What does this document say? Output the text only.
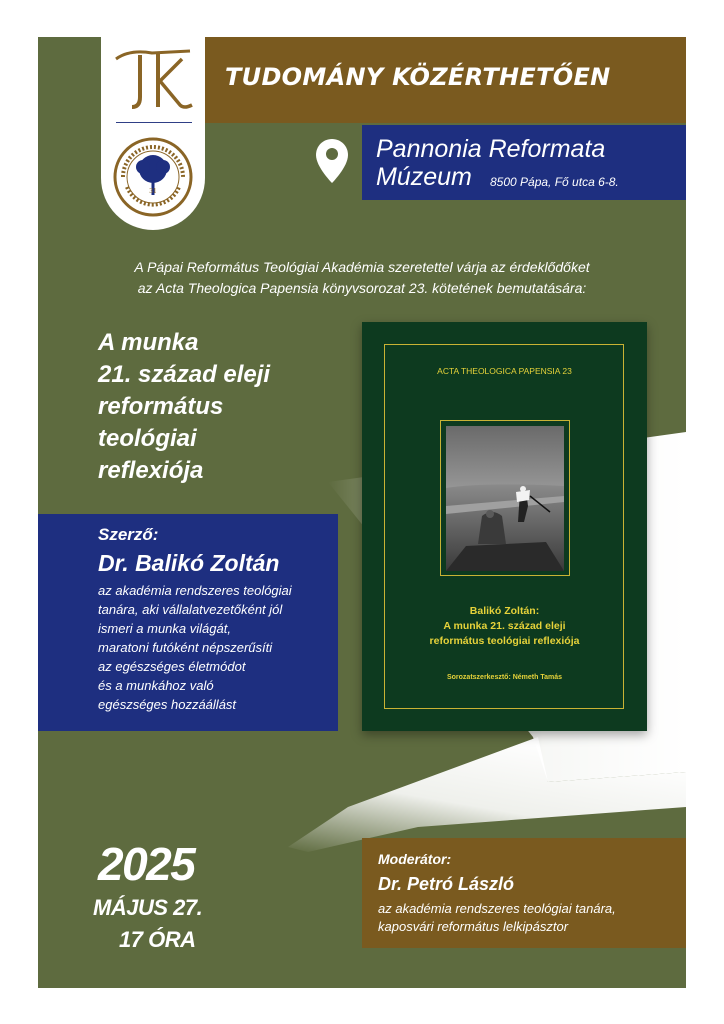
31
TUDOMÁNY KÖZÉRTHETŐEN
Pannonia Reformata
Múzeum 8500 Pápa, Fő utca 6-8.
A Pápai Református Teológiai Akadémia szeretettel várja az érdeklődőket
az Acta Theologica Papensia könyvsorozat 23. kötetének bemutatására:
A munka
21. század eleji
református
teológiai
reflexiója
Szerző:
Dr. Balikó Zoltán
az akadémia rendszeres teológiai
tanára, aki vállalatvezetőként jól
ismeri a munka világát,
maratoni futóként népszerűsíti
az egészséges életmódot
és a munkához való
egészséges hozzáállást
ACTA THEOLOGICA PAPENSIA 23
Balikó Zoltán:
A munka 21. század eleji
református teológiai reflexiója
Sorozatszerkesztő: Németh Tamás
2025
MÁJUS 27.
17 ÓRA
Moderátor:
Dr. Petró László
az akadémia rendszeres teológiai tanára,
kaposvári református lelkipásztor
